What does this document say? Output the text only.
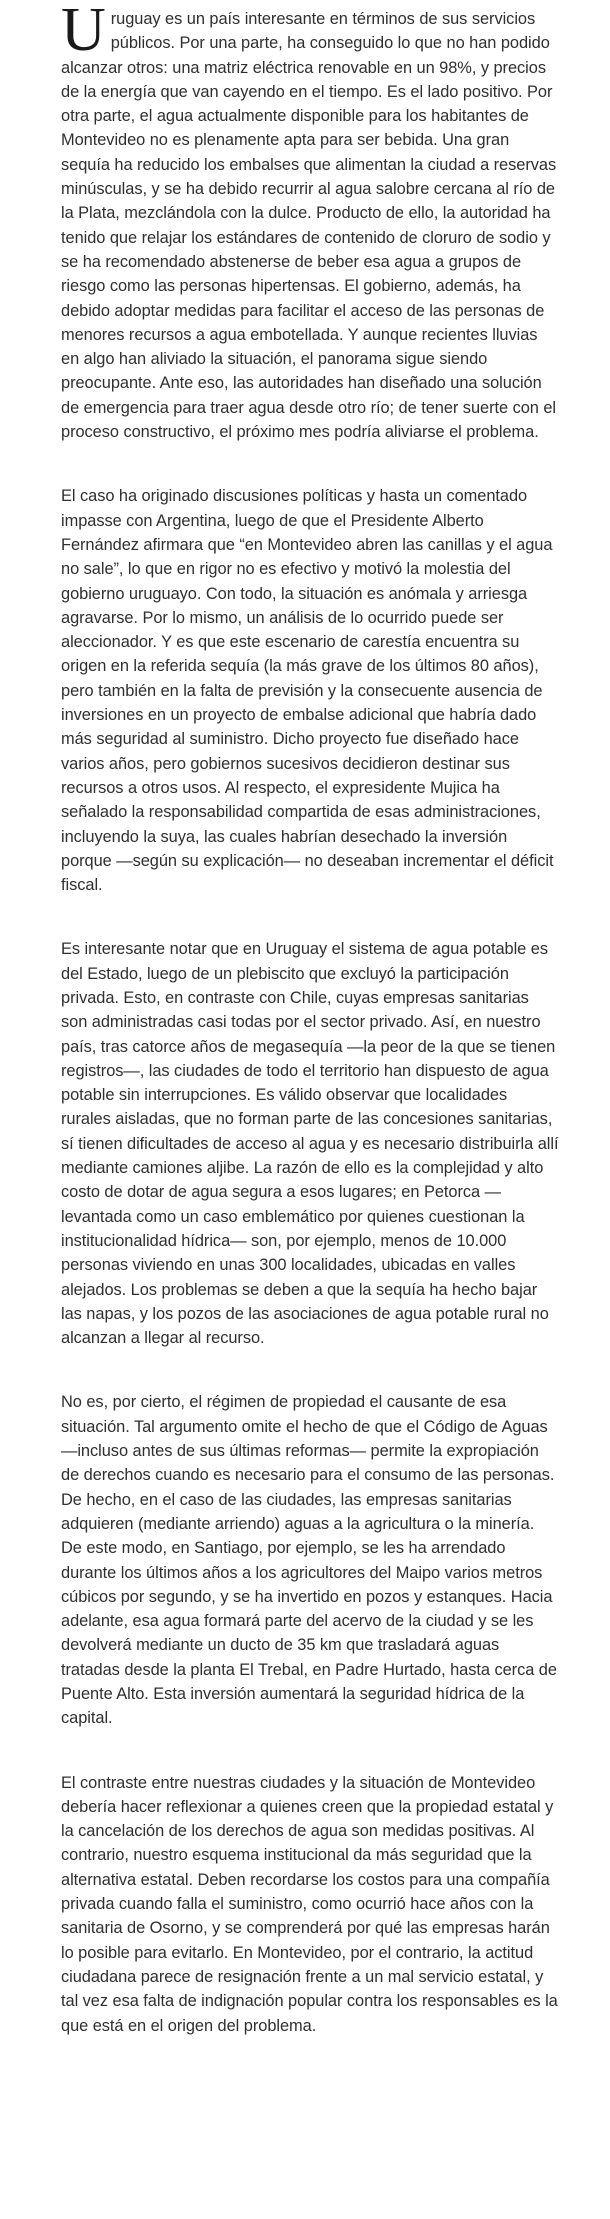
Uruguay es un país interesante en términos de sus servicios públicos. Por una parte, ha conseguido lo que no han podido alcanzar otros: una matriz eléctrica renovable en un 98%, y precios de la energía que van cayendo en el tiempo. Es el lado positivo. Por otra parte, el agua actualmente disponible para los habitantes de Montevideo no es plenamente apta para ser bebida. Una gran sequía ha reducido los embalses que alimentan la ciudad a reservas minúsculas, y se ha debido recurrir al agua salobre cercana al río de la Plata, mezclándola con la dulce. Producto de ello, la autoridad ha tenido que relajar los estándares de contenido de cloruro de sodio y se ha recomendado abstenerse de beber esa agua a grupos de riesgo como las personas hipertensas. El gobierno, además, ha debido adoptar medidas para facilitar el acceso de las personas de menores recursos a agua embotellada. Y aunque recientes lluvias en algo han aliviado la situación, el panorama sigue siendo preocupante. Ante eso, las autoridades han diseñado una solución de emergencia para traer agua desde otro río; de tener suerte con el proceso constructivo, el próximo mes podría aliviarse el problema.

El caso ha originado discusiones políticas y hasta un comentado impasse con Argentina, luego de que el Presidente Alberto Fernández afirmara que “en Montevideo abren las canillas y el agua no sale”, lo que en rigor no es efectivo y motivó la molestia del gobierno uruguayo. Con todo, la situación es anómala y arriesga agravarse. Por lo mismo, un análisis de lo ocurrido puede ser aleccionador. Y es que este escenario de carestía encuentra su origen en la referida sequía (la más grave de los últimos 80 años), pero también en la falta de previsión y la consecuente ausencia de inversiones en un proyecto de embalse adicional que habría dado más seguridad al suministro. Dicho proyecto fue diseñado hace varios años, pero gobiernos sucesivos decidieron destinar sus recursos a otros usos. Al respecto, el expresidente Mujica ha señalado la responsabilidad compartida de esas administraciones, incluyendo la suya, las cuales habrían desechado la inversión porque —según su explicación— no deseaban incrementar el déficit fiscal.

Es interesante notar que en Uruguay el sistema de agua potable es del Estado, luego de un plebiscito que excluyó la participación privada. Esto, en contraste con Chile, cuyas empresas sanitarias son administradas casi todas por el sector privado. Así, en nuestro país, tras catorce años de megasequía —la peor de la que se tienen registros—, las ciudades de todo el territorio han dispuesto de agua potable sin interrupciones. Es válido observar que localidades rurales aisladas, que no forman parte de las concesiones sanitarias, sí tienen dificultades de acceso al agua y es necesario distribuirla allí mediante camiones aljibe. La razón de ello es la complejidad y alto costo de dotar de agua segura a esos lugares; en Petorca —levantada como un caso emblemático por quienes cuestionan la institucionalidad hídrica— son, por ejemplo, menos de 10.000 personas viviendo en unas 300 localidades, ubicadas en valles alejados. Los problemas se deben a que la sequía ha hecho bajar las napas, y los pozos de las asociaciones de agua potable rural no alcanzan a llegar al recurso.

No es, por cierto, el régimen de propiedad el causante de esa situación. Tal argumento omite el hecho de que el Código de Aguas —incluso antes de sus últimas reformas— permite la expropiación de derechos cuando es necesario para el consumo de las personas. De hecho, en el caso de las ciudades, las empresas sanitarias adquieren (mediante arriendo) aguas a la agricultura o la minería. De este modo, en Santiago, por ejemplo, se les ha arrendado durante los últimos años a los agricultores del Maipo varios metros cúbicos por segundo, y se ha invertido en pozos y estanques. Hacia adelante, esa agua formará parte del acervo de la ciudad y se les devolverá mediante un ducto de 35 km que trasladará aguas tratadas desde la planta El Trebal, en Padre Hurtado, hasta cerca de Puente Alto. Esta inversión aumentará la seguridad hídrica de la capital.

El contraste entre nuestras ciudades y la situación de Montevideo debería hacer reflexionar a quienes creen que la propiedad estatal y la cancelación de los derechos de agua son medidas positivas. Al contrario, nuestro esquema institucional da más seguridad que la alternativa estatal. Deben recordarse los costos para una compañía privada cuando falla el suministro, como ocurrió hace años con la sanitaria de Osorno, y se comprenderá por qué las empresas harán lo posible para evitarlo. En Montevideo, por el contrario, la actitud ciudadana parece de resignación frente a un mal servicio estatal, y tal vez esa falta de indignación popular contra los responsables es la que está en el origen del problema.
